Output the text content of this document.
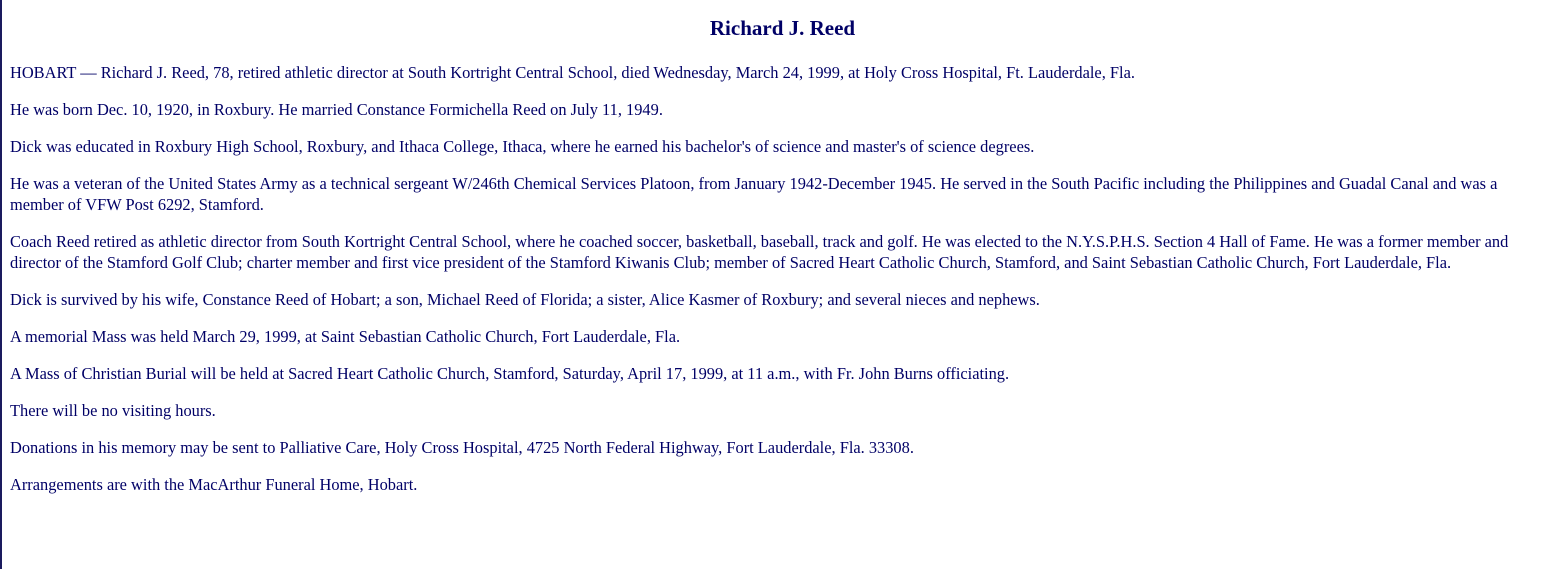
Richard J. Reed

HOBART — Richard J. Reed, 78, retired athletic director at South Kortright Central School, died Wednesday, March 24, 1999, at Holy Cross Hospital, Ft. Lauderdale, Fla.

He was born Dec. 10, 1920, in Roxbury. He married Constance Formichella Reed on July 11, 1949.

Dick was educated in Roxbury High School, Roxbury, and Ithaca College, Ithaca, where he earned his bachelor's of science and master's of science degrees.

He was a veteran of the United States Army as a technical sergeant W/246th Chemical Services Platoon, from January 1942-December 1945. He served in the South Pacific including the Philippines and Guadal Canal and was a member of VFW Post 6292, Stamford.

Coach Reed retired as athletic director from South Kortright Central School, where he coached soccer, basketball, baseball, track and golf. He was elected to the N.Y.S.P.H.S. Section 4 Hall of Fame. He was a former member and director of the Stamford Golf Club; charter member and first vice president of the Stamford Kiwanis Club; member of Sacred Heart Catholic Church, Stamford, and Saint Sebastian Catholic Church, Fort Lauderdale, Fla.

Dick is survived by his wife, Constance Reed of Hobart; a son, Michael Reed of Florida; a sister, Alice Kasmer of Roxbury; and several nieces and nephews.

A memorial Mass was held March 29, 1999, at Saint Sebastian Catholic Church, Fort Lauderdale, Fla.

A Mass of Christian Burial will be held at Sacred Heart Catholic Church, Stamford, Saturday, April 17, 1999, at 11 a.m., with Fr. John Burns officiating.

There will be no visiting hours.

Donations in his memory may be sent to Palliative Care, Holy Cross Hospital, 4725 North Federal Highway, Fort Lauderdale, Fla. 33308.

Arrangements are with the MacArthur Funeral Home, Hobart.
